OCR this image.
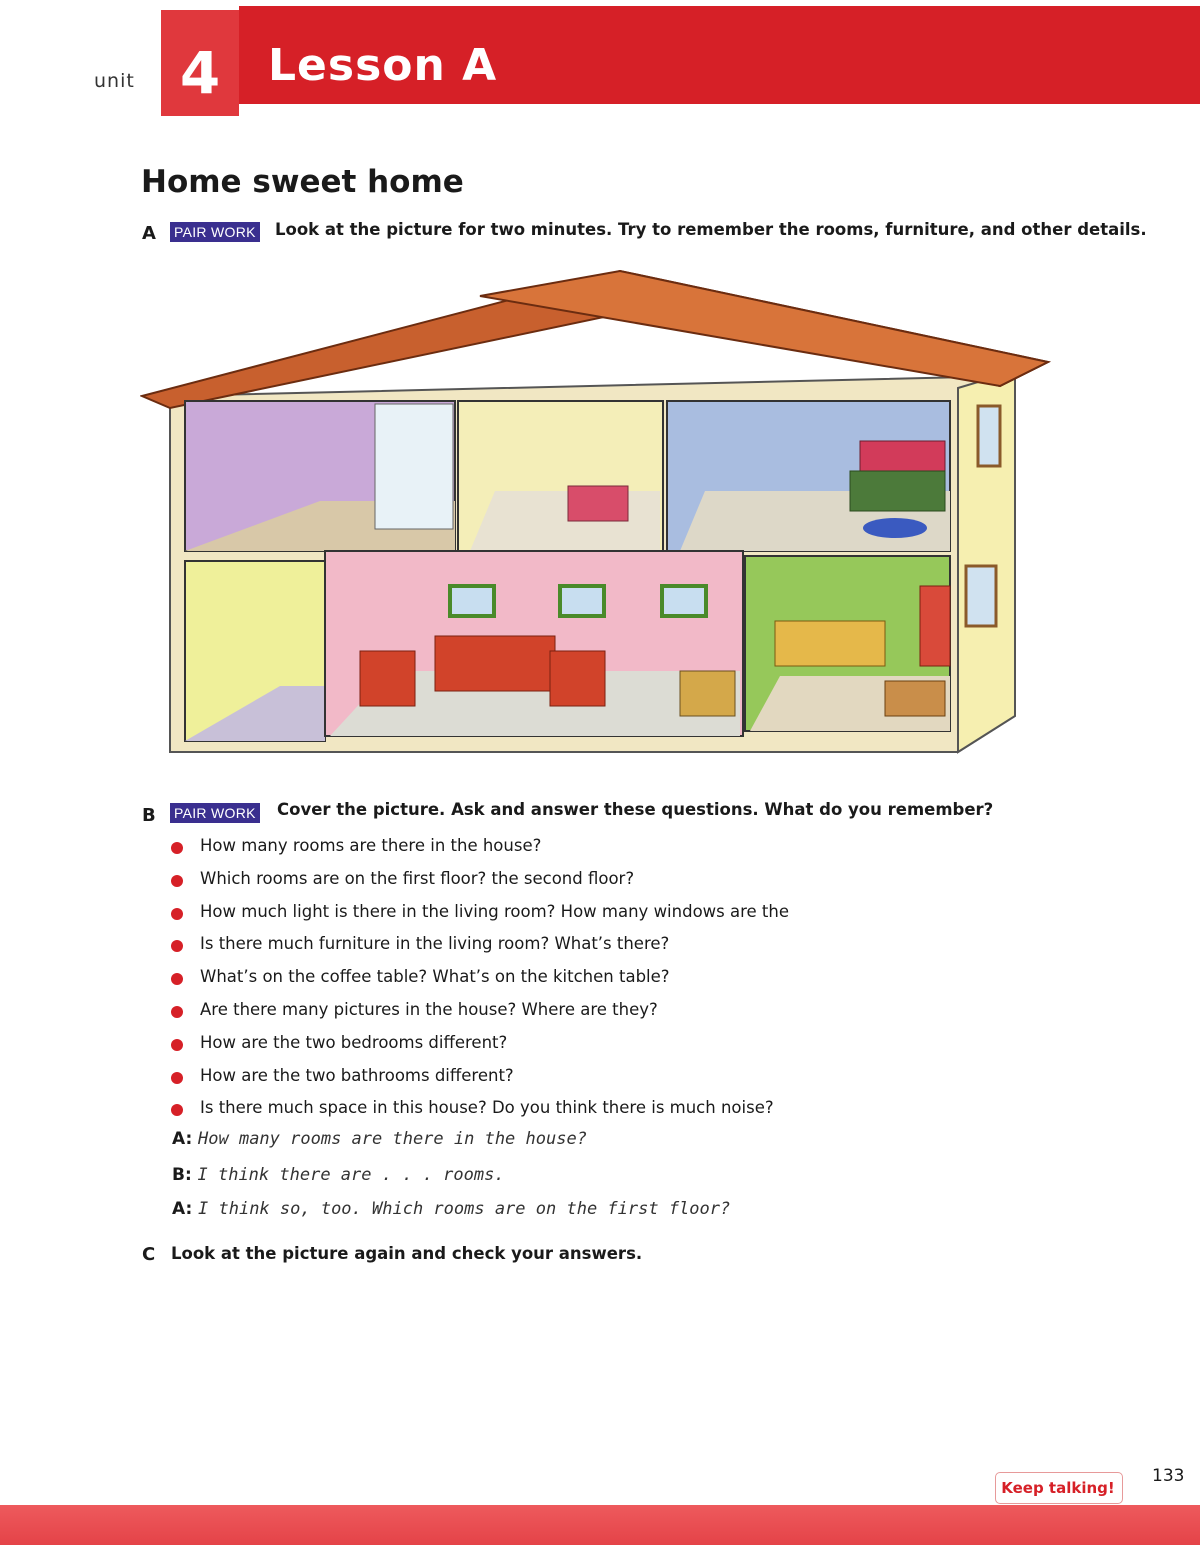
unit 4	Lesson A
Home sweet home
A PAIR WORK Look at the picture for two minutes. Try to remember the rooms, furniture, and other details.
B PAIR WORK Cover the picture. Ask and answer these questions. What do you remember?
How many rooms are there in the house?
Which rooms are on the first floor? the second floor?
How much light is there in the living room? How many windows are the
Is there much furniture in the living room? What’s there?
What’s on the coffee table? What’s on the kitchen table?
Are there many pictures in the house? Where are they?
How are the two bedrooms different?
How are the two bathrooms different?
Is there much space in this house? Do you think there is much noise?
A: How many rooms are there in the house?
B: I think there are . . . rooms.
A: I think so, too. Which rooms are on the first floor?
C Look at the picture again and check your answers.
Keep talking!
133
